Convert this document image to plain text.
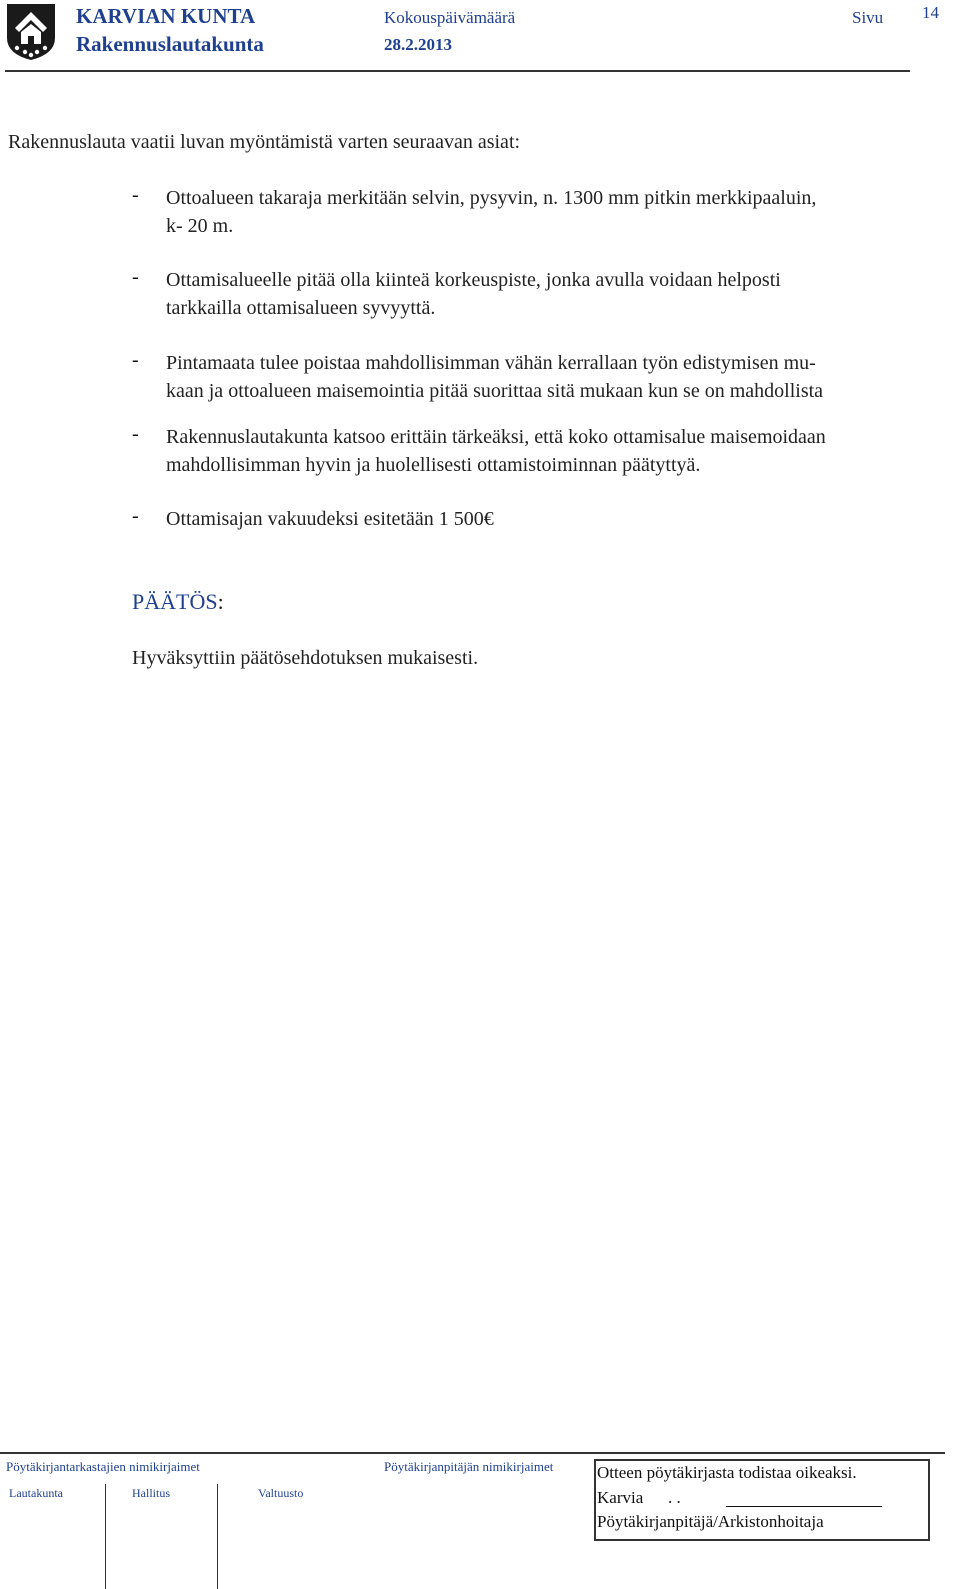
KARVIAN KUNTA
Rakennuslautakunta
Kokouspäivämäärä
28.2.2013
Sivu 14
Rakennuslauta vaatii luvan myöntämistä varten seuraavan asiat:
- Ottoalueen takaraja merkitään selvin, pysyvin, n. 1300 mm pitkin merkkipaaluin,
k- 20 m.
- Ottamisalueelle pitää olla kiinteä korkeuspiste, jonka avulla voidaan helposti
tarkkailla ottamisalueen syvyyttä.
- Pintamaata tulee poistaa mahdollisimman vähän kerrallaan työn edistymisen mu-
kaan ja ottoalueen maisemointia pitää suorittaa sitä mukaan kun se on mahdollista
- Rakennuslautakunta katsoo erittäin tärkeäksi, että koko ottamisalue maisemoidaan
mahdollisimman hyvin ja huolellisesti ottamistoiminnan päätyttyä.
- Ottamisajan vakuudeksi esitetään 1 500€
PÄÄTÖS:
Hyväksyttiin päätösehdotuksen mukaisesti.
Pöytäkirjantarkastajien nimikirjaimet	Pöytäkirjanpitäjän nimikirjaimet
Lautakunta	Hallitus	Valtuusto
Otteen pöytäkirjasta todistaa oikeaksi.
Karvia . .
Pöytäkirjanpitäjä/Arkistonhoitaja
